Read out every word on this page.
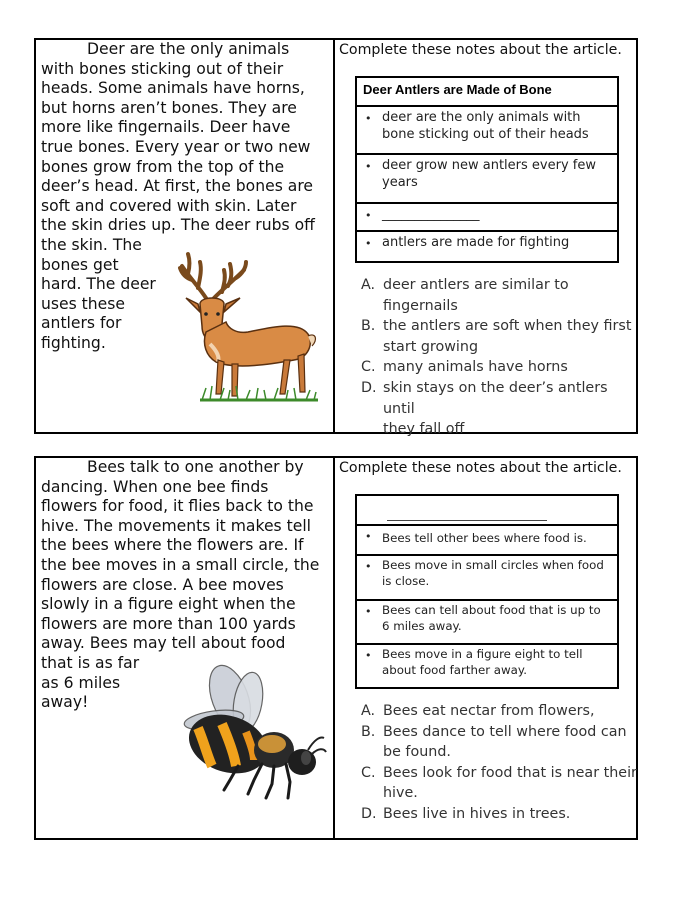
Deer are the only animals

with bones sticking out of their

heads. Some animals have horns,

but horns aren’t bones. They are

more like fingernails. Deer have

true bones. Every year or two new

bones grow from the top of the

deer’s head. At first, the bones are

soft and covered with skin. Later

the skin dries up. The deer rubs off

the skin. The

bones get

hard. The deer

uses these

antlers for

fighting.

Complete these notes about the article.
Deer Antlers are Made of Bone
• deer are the only animals with
bone sticking out of their heads
• deer grow new antlers every few
years
• _______________
• antlers are made for fighting
A. deer antlers are similar to
fingernails
B. the antlers are soft when they first
start growing
C. many animals have horns
D. skin stays on the deer’s antlers until
they fall off

Bees talk to one another by

dancing. When one bee finds

flowers for food, it flies back to the

hive. The movements it makes tell

the bees where the flowers are. If

the bee moves in a small circle, the

flowers are close. A bee moves

slowly in a figure eight when the

flowers are more than 100 yards

away. Bees may tell about food

that is as far

as 6 miles

away!

Complete these notes about the article.
• Bees tell other bees where food is.
• Bees move in small circles when food
is close.
• Bees can tell about food that is up to
6 miles away.
• Bees move in a figure eight to tell
about food farther away.
A. Bees eat nectar from flowers,
B. Bees dance to tell where food can
be found.
C. Bees look for food that is near their
hive.
D. Bees live in hives in trees.
